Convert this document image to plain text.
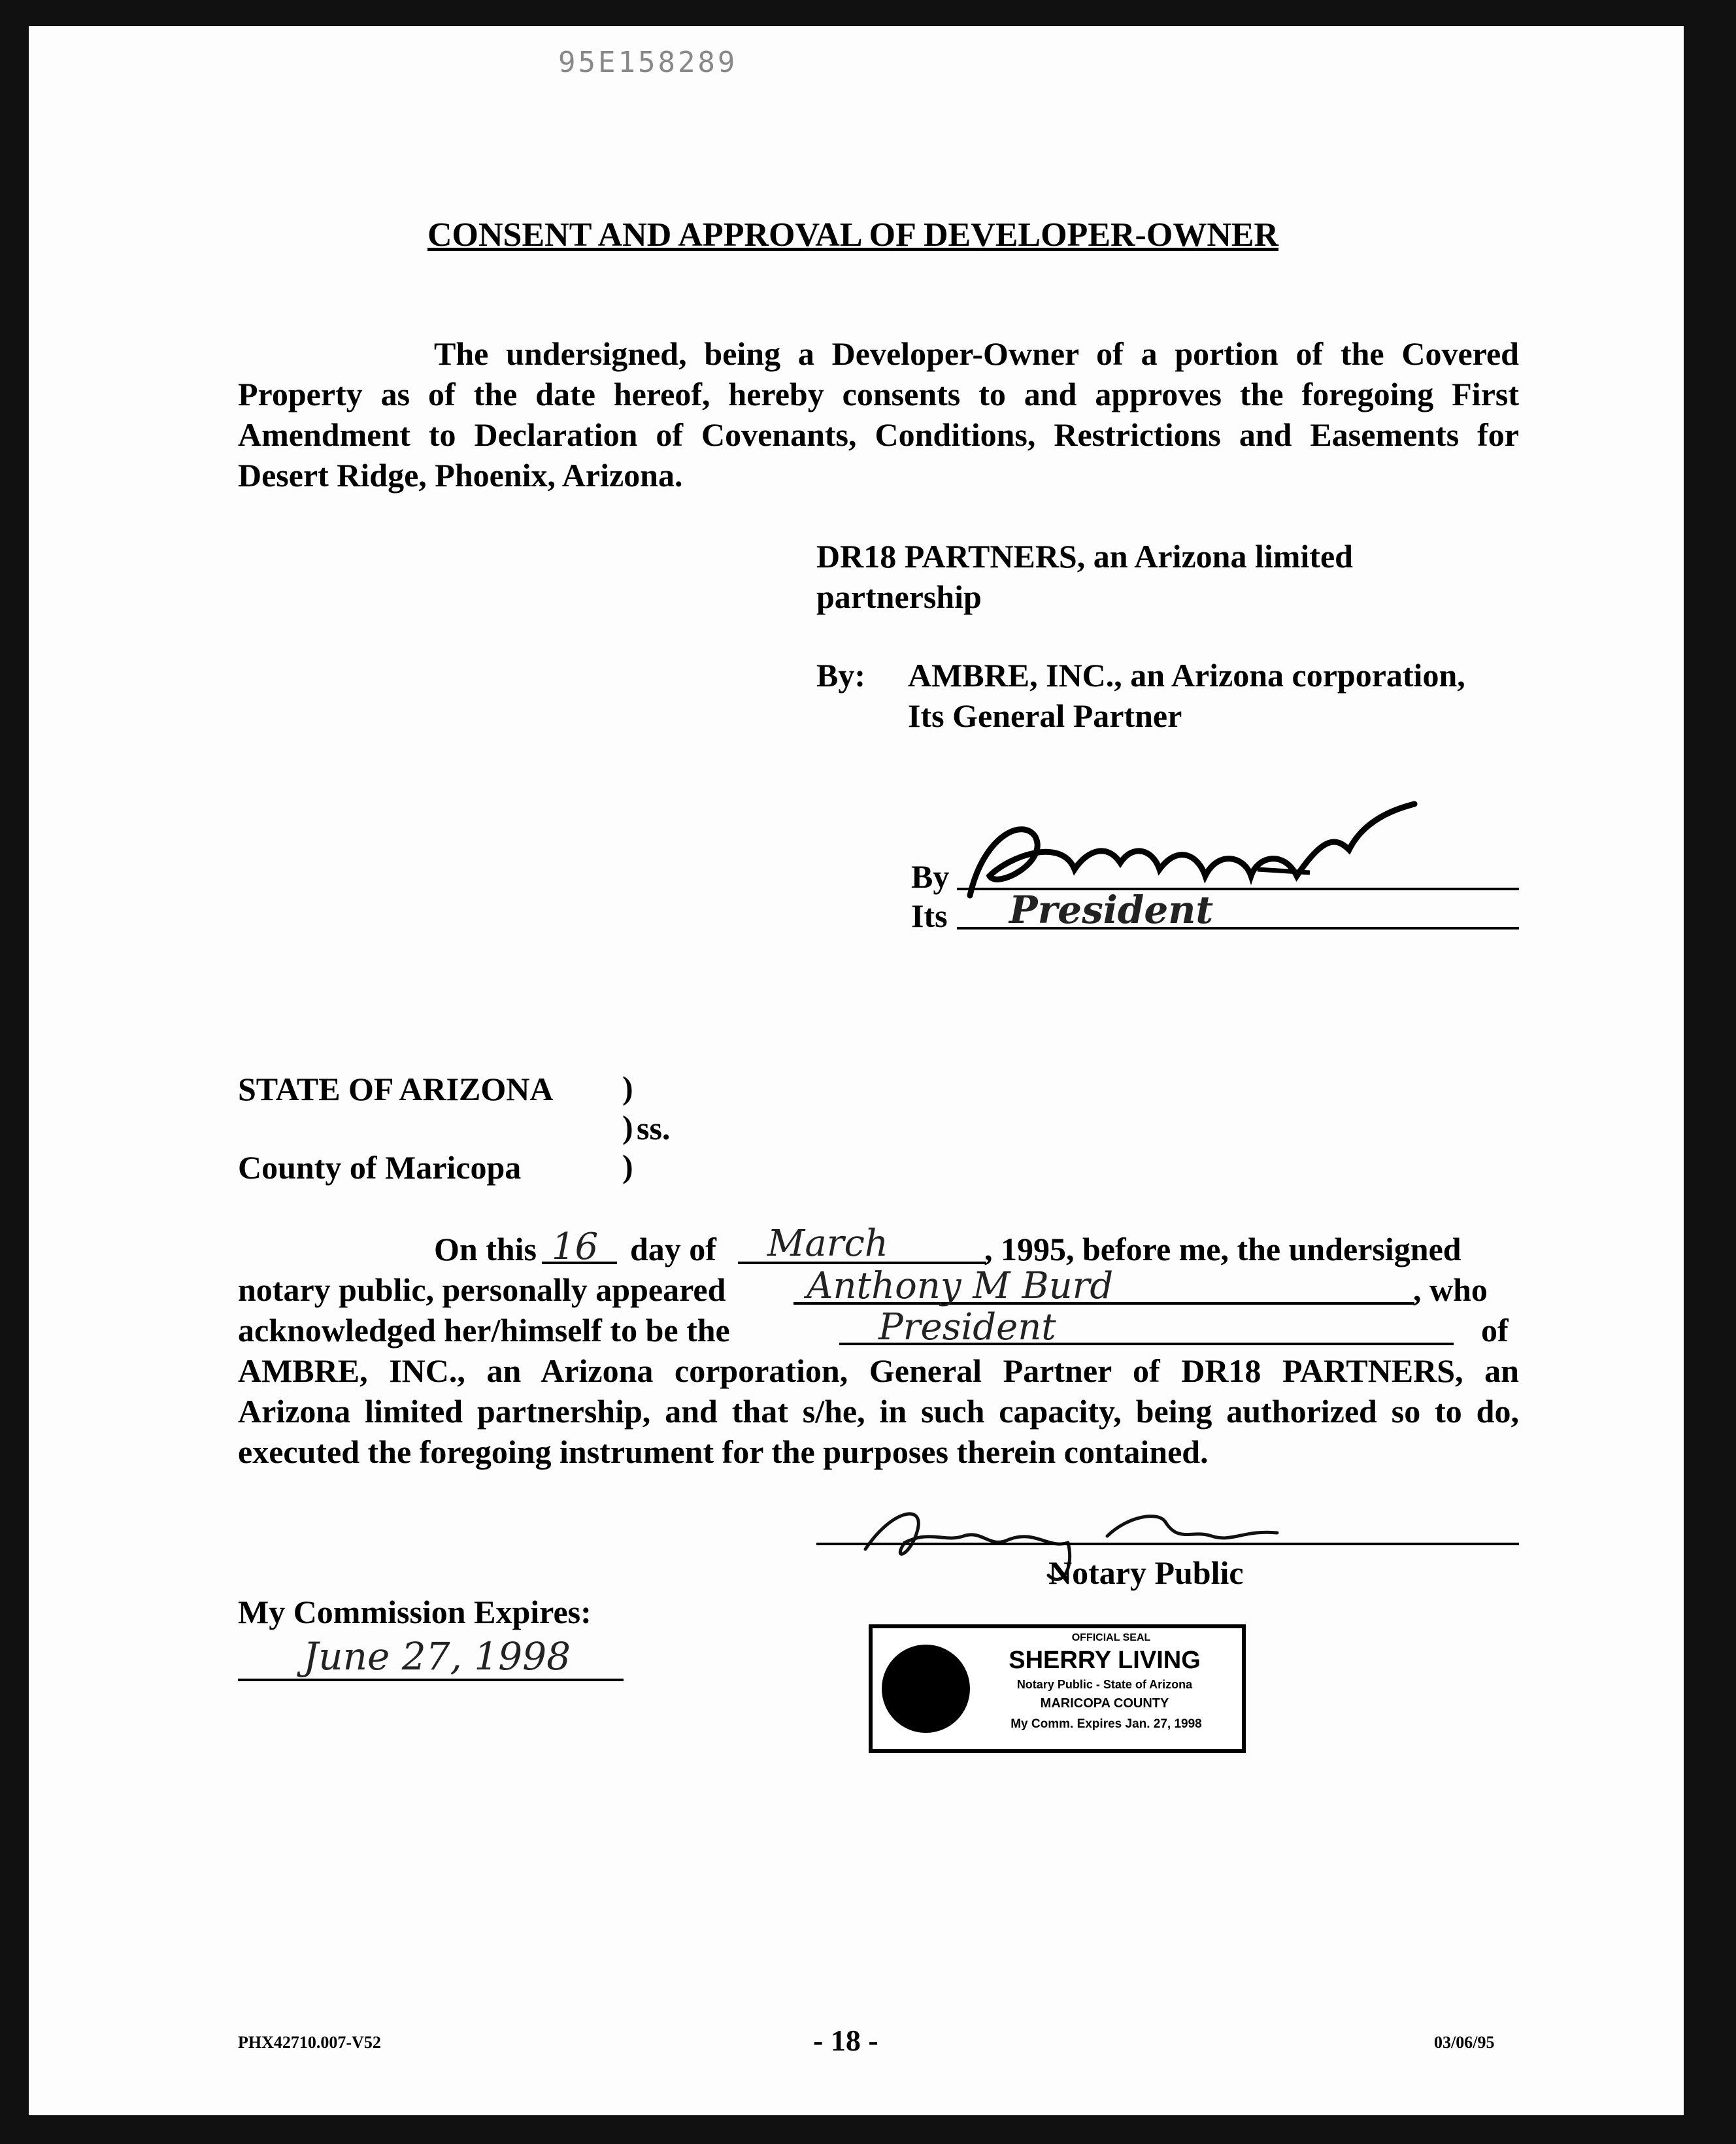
95E158289
CONSENT AND APPROVAL OF DEVELOPER-OWNER
The undersigned, being a Developer-Owner of a portion of the Covered
Property as of the date hereof, hereby consents to and approves the foregoing First
Amendment to Declaration of Covenants, Conditions, Restrictions and Easements for
Desert Ridge, Phoenix, Arizona.
DR18 PARTNERS, an Arizona limited
partnership
By: AMBRE, INC., an Arizona corporation,
Its General Partner
By
Its President
STATE OF ARIZONA )
) ss.
County of Maricopa	)
On this 16 day of March	, 1995, before me, the undersigned
notary public, personally appeared Anthony M Burd	, who
acknowledged her/himself to be the	President	of
AMBRE, INC., an Arizona corporation, General Partner of DR18 PARTNERS, an
Arizona limited partnership, and that s/he, in such capacity, being authorized so to do,
executed the foregoing instrument for the purposes therein contained.
Notary Public
My Commission Expires:
June 27, 1998	OFFICIAL SEAL
SHERRY LIVING
Notary Public - State of Arizona
MARICOPA COUNTY
My Comm. Expires Jan. 27, 1998
PHX42710.007-V52	- 18 -	03/06/95
